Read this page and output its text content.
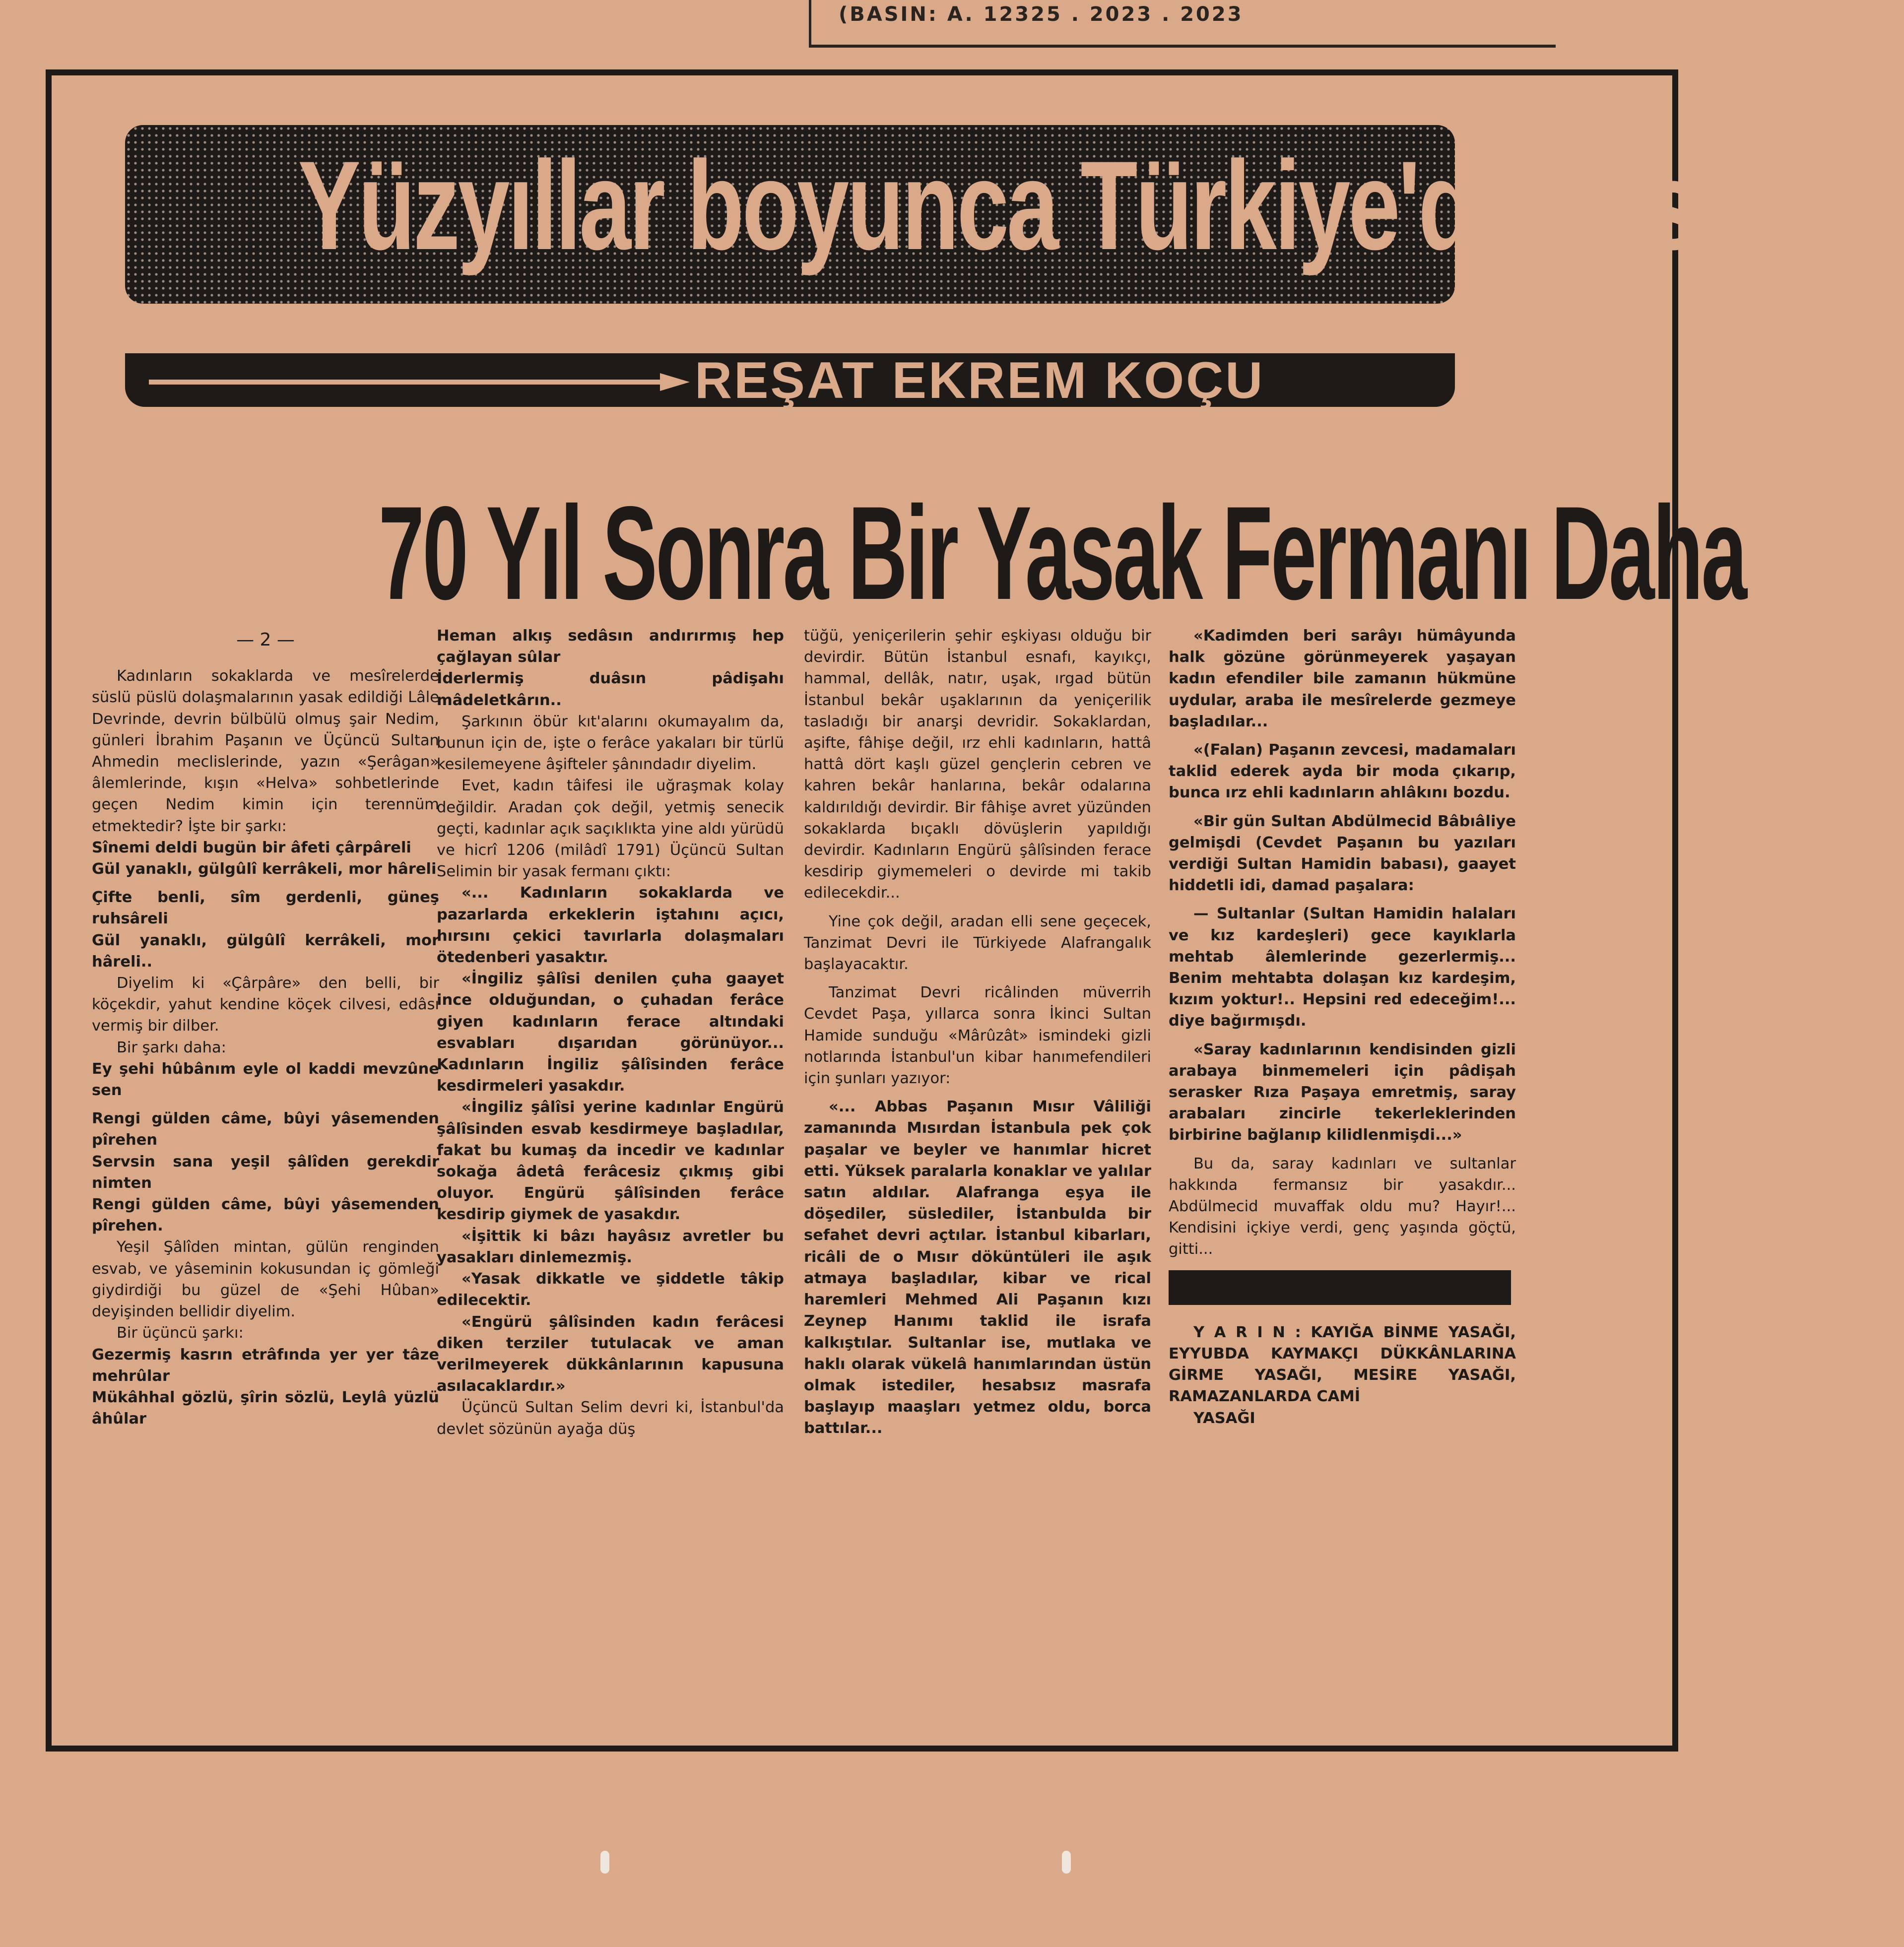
(BASIN: A. 12325 . 2023 . 2023
Yüzyıllar boyunca Türkiye'de yasaklar
REŞAT EKREM KOÇU
70 Yıl Sonra Bir Yasak Fermanı Daha

— 2 —

Kadınların sokaklarda ve mesîrelerde süslü püslü dolaşmalarının yasak edildiği Lâle Devrinde, devrin bülbülü olmuş şair Nedim, günleri İbrahim Paşanın ve Üçüncü Sultan Ahmedin meclislerinde, yazın «Şerâgan» âlemlerinde, kışın «Helva» sohbetlerinde geçen Nedim kimin için terennüm etmektedir? İşte bir şarkı:

Sînemi deldi bugün bir âfeti çârpâreli

Gül yanaklı, gülgûlî kerrâkeli, mor hâreli

Çifte benli, sîm gerdenli, güneş ruhsâreli

Gül yanaklı, gülgûlî kerrâkeli, mor hâreli..

Diyelim ki «Çârpâre» den belli, bir köçekdir, yahut kendine köçek cilvesi, edâsı vermiş bir dilber.

Bir şarkı daha:

Ey şehi hûbânım eyle ol kaddi mevzûne sen

Rengi gülden câme, bûyi yâsemenden pîrehen

Servsin sana yeşil şâlîden gerekdir nimten

Rengi gülden câme, bûyi yâsemenden pîrehen.

Yeşil Şâlîden mintan, gülün renginden esvab, ve yâseminin kokusundan iç gömleği giydirdiği bu güzel de «Şehi Hûban» deyişinden bellidir diyelim.

Bir üçüncü şarkı:

Gezermiş kasrın etrâfında yer yer tâze mehrûlar

Mükâhhal gözlü, şîrin sözlü, Leylâ yüzlü âhûlar

Heman alkış sedâsın andırırmış hep çağlayan sûlar

İderlermiş duâsın pâdişahı mâdeletkârın..

Şarkının öbür kıt'alarını okumayalım da, bunun için de, işte o ferâce yakaları bir türlü kesilemeyene âşifteler şânındadır diyelim.

Evet, kadın tâifesi ile uğraşmak kolay değildir. Aradan çok değil, yetmiş senecik geçti, kadınlar açık saçıklıkta yine aldı yürüdü ve hicrî 1206 (milâdî 1791) Üçüncü Sultan Selimin bir yasak fermanı çıktı:

«... Kadınların sokaklarda ve pazarlarda erkeklerin iştahını açıcı, hırsını çekici tavırlarla dolaşmaları ötedenberi yasaktır.

«İngiliz şâlîsi denilen çuha gaayet ince olduğundan, o çuhadan ferâce giyen kadınların ferace altındaki esvabları dışarıdan görünüyor... Kadınların İngiliz şâlîsinden ferâce kesdirmeleri yasakdır.

«İngiliz şâlîsi yerine kadınlar Engürü şâlîsinden esvab kesdirmeye başladılar, fakat bu kumaş da incedir ve kadınlar sokağa âdetâ ferâcesiz çıkmış gibi oluyor. Engürü şâlîsinden ferâce kesdirip giymek de yasakdır.

«İşittik ki bâzı hayâsız avretler bu yasakları dinlemezmiş.

«Yasak dikkatle ve şiddetle tâkip edilecektir.

«Engürü şâlîsinden kadın ferâcesi diken terziler tutulacak ve aman verilmeyerek dükkânlarının kapusuna asılacaklardır.»

Üçüncü Sultan Selim devri ki, İstanbul'da devlet sözünün ayağa düş

tüğü, yeniçerilerin şehir eşkiyası olduğu bir devirdir. Bütün İstanbul esnafı, kayıkçı, hammal, dellâk, natır, uşak, ırgad bütün İstanbul bekâr uşaklarının da yeniçerilik tasladığı bir anarşi devridir. Sokaklardan, aşifte, fâhişe değil, ırz ehli kadınların, hattâ hattâ dört kaşlı güzel gençlerin cebren ve kahren bekâr hanlarına, bekâr odalarına kaldırıldığı devirdir. Bir fâhişe avret yüzünden sokaklarda bıçaklı dövüşlerin yapıldığı devirdir. Kadınların Engürü şâlîsinden ferace kesdirip giymemeleri o devirde mi takib edilecekdir...

Yine çok değil, aradan elli sene geçecek, Tanzimat Devri ile Türkiyede Alafrangalık başlayacaktır.

Tanzimat Devri ricâlinden müverrih Cevdet Paşa, yıllarca sonra İkinci Sultan Hamide sunduğu «Mârûzât» ismindeki gizli notlarında İstanbul'un kibar hanımefendileri için şunları yazıyor:

«... Abbas Paşanın Mısır Vâliliği zamanında Mısırdan İstanbula pek çok paşalar ve beyler ve hanımlar hicret etti. Yüksek paralarla konaklar ve yalılar satın aldılar. Alafranga eşya ile döşediler, süslediler, İstanbulda bir sefahet devri açtılar. İstanbul kibarları, ricâli de o Mısır döküntüleri ile aşık atmaya başladılar, kibar ve rical haremleri Mehmed Ali Paşanın kızı Zeynep Hanımı taklid ile israfa kalkıştılar. Sultanlar ise, mutlaka ve haklı olarak vükelâ hanımlarından üstün olmak istediler, hesabsız masrafa başlayıp maaşları yetmez oldu, borca battılar...

«Kadimden beri sarâyı hümâyunda halk gözüne görünmeyerek yaşayan kadın efendiler bile zamanın hükmüne uydular, araba ile mesîrelerde gezmeye başladılar...

«(Falan) Paşanın zevcesi, madamaları taklid ederek ayda bir moda çıkarıp, bunca ırz ehli kadınların ahlâkını bozdu.

«Bir gün Sultan Abdülmecid Bâbıâliye gelmişdi (Cevdet Paşanın bu yazıları verdiği Sultan Hamidin babası), gaayet hiddetli idi, damad paşalara:

— Sultanlar (Sultan Hamidin halaları ve kız kardeşleri) gece kayıklarla mehtab âlemlerinde gezerlermiş... Benim mehtabta dolaşan kız kardeşim, kızım yoktur!.. Hepsini red edeceğim!... diye bağırmışdı.

«Saray kadınlarının kendisinden gizli arabaya binmemeleri için pâdişah serasker Rıza Paşaya emretmiş, saray arabaları zincirle tekerleklerinden birbirine bağlanıp kilidlenmişdi...»

Bu da, saray kadınları ve sultanlar hakkında fermansız bir yasakdır... Abdülmecid muvaffak oldu mu? Hayır!... Kendisini içkiye verdi, genç yaşında göçtü, gitti...

Y A R I N : KAYIĞA BİNME YASAĞI, EYYUBDA KAYMAKÇI DÜKKÂNLARINA GİRME YASAĞI, MESİRE YASAĞI, RAMAZANLARDA CAMİ

YASAĞI
